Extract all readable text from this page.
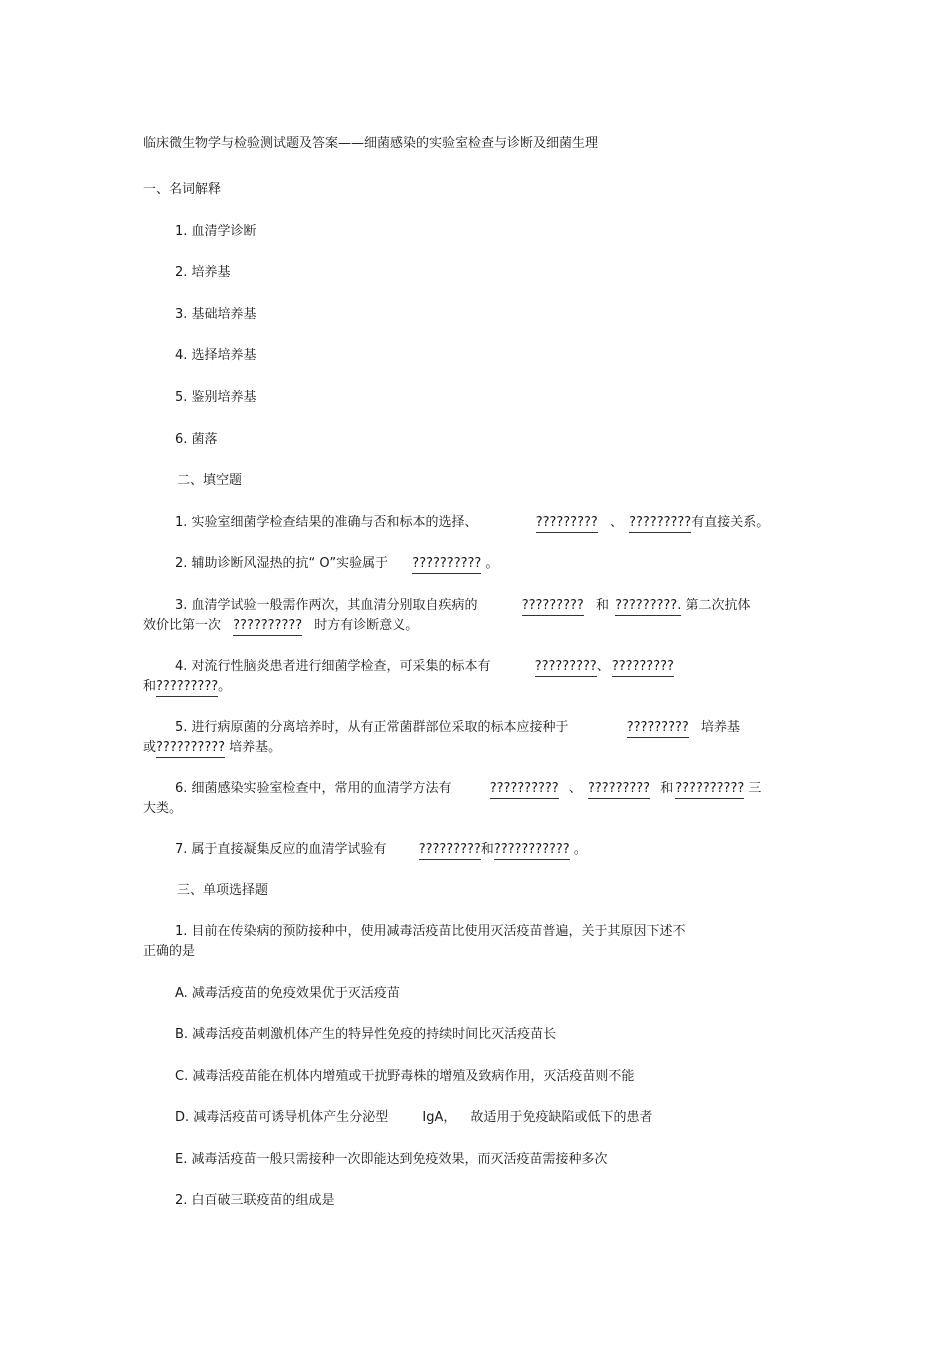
临床微生物学与检验测试题及答案——细菌感染的实验室检查与诊断及细菌生理
一、名词解释
1. 血清学诊断
2. 培养基
3. 基础培养基
4. 选择培养基
5. 鉴别培养基
6. 菌落
二、填空题
1. 实验室细菌学检查结果的准确与否和标本的选择、	????????? 、 ?????????有直接关系。
2. 辅助诊断风湿热的抗“ O”实验属于 ?????????? 。
3. 血清学试验一般需作两次，其血清分别取自疾病的	????????? 和 ?????????. 第二次抗体
效价比第一次 ?????????? 时方有诊断意义。
4. 对流行性脑炎患者进行细菌学检查，可采集的标本有	?????????、 ?????????
和?????????。
5. 进行病原菌的分离培养时，从有正常菌群部位采取的标本应接种于	????????? 培养基
或?????????? 培养基。
6. 细菌感染实验室检查中，常用的血清学方法有	?????????? 、 ????????? 和 ?????????? 三
大类。
7. 属于直接凝集反应的血清学试验有 ?????????和??????????? 。
三、单项选择题
1. 目前在传染病的预防接种中，使用减毒活疫苗比使用灭活疫苗普遍，关于其原因下述不
正确的是
A. 减毒活疫苗的免疫效果优于灭活疫苗
B. 减毒活疫苗刺激机体产生的特异性免疫的持续时间比灭活疫苗长
C. 减毒活疫苗能在机体内增殖或干扰野毒株的增殖及致病作用，灭活疫苗则不能
D. 减毒活疫苗可诱导机体产生分泌型	IgA， 故适用于免疫缺陷或低下的患者
E. 减毒活疫苗一般只需接种一次即能达到免疫效果，而灭活疫苗需接种多次
2. 白百破三联疫苗的组成是
